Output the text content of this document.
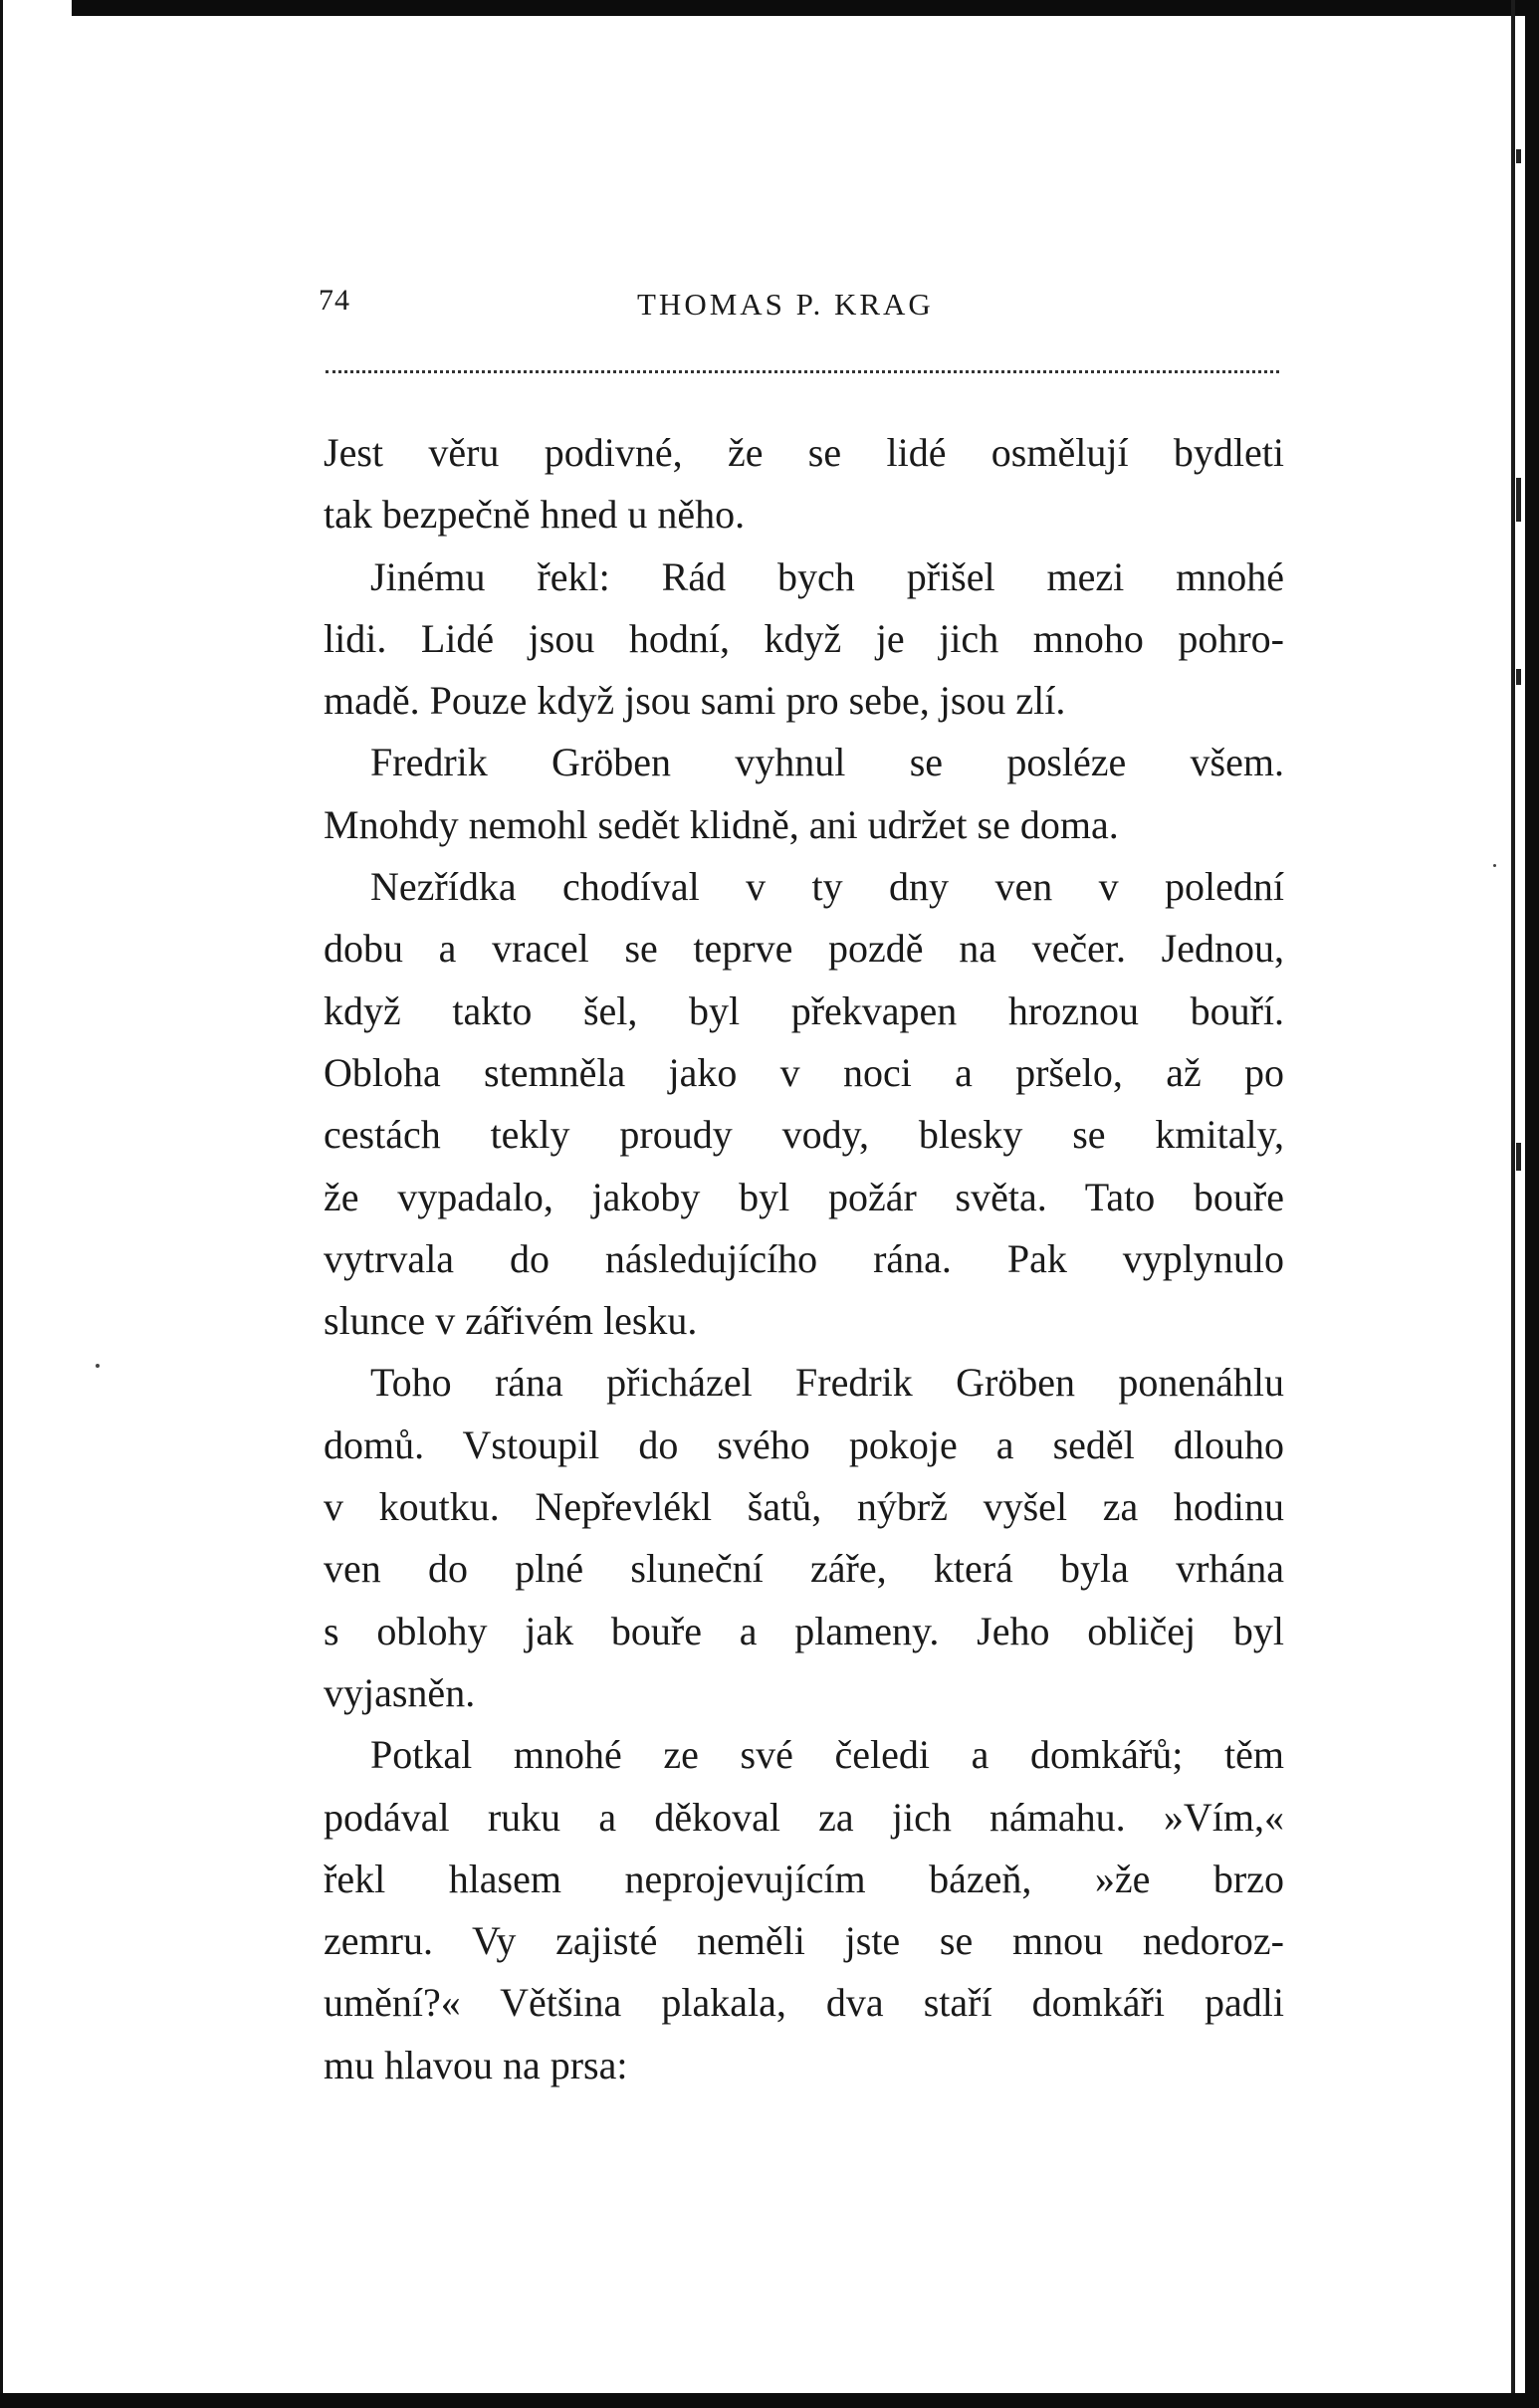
74	THOMAS P. KRAG

Jest věru podivné, že se lidé osmělují bydleti
tak bezpečně hned u něho.

Jinému řekl: Rád bych přišel mezi mnohé
lidi. Lidé jsou hodní, když je jich mnoho pohro-
madě. Pouze když jsou sami pro sebe, jsou zlí.

Fredrik Gröben vyhnul se posléze všem.
Mnohdy nemohl sedět klidně, ani udržet se doma.

Nezřídka chodíval v ty dny ven v polední
dobu a vracel se teprve pozdě na večer. Jednou,
když takto šel, byl překvapen hroznou bouří.
Obloha stemněla jako v noci a pršelo, až po
cestách tekly proudy vody, blesky se kmitaly,
že vypadalo, jakoby byl požár světa. Tato bouře
vytrvala do následujícího rána. Pak vyplynulo
slunce v zářivém lesku.

Toho rána přicházel Fredrik Gröben ponenáhlu
domů. Vstoupil do svého pokoje a seděl dlouho
v koutku. Nepřevlékl šatů, nýbrž vyšel za hodinu
ven do plné sluneční záře, která byla vrhána
s oblohy jak bouře a plameny. Jeho obličej byl
vyjasněn.

Potkal mnohé ze své čeledi a domkářů; těm
podával ruku a děkoval za jich námahu. »Vím,«
řekl hlasem neprojevujícím bázeň, »že brzo
zemru. Vy zajisté neměli jste se mnou nedoroz-
umění?« Většina plakala, dva staří domkáři padli
mu hlavou na prsa:
